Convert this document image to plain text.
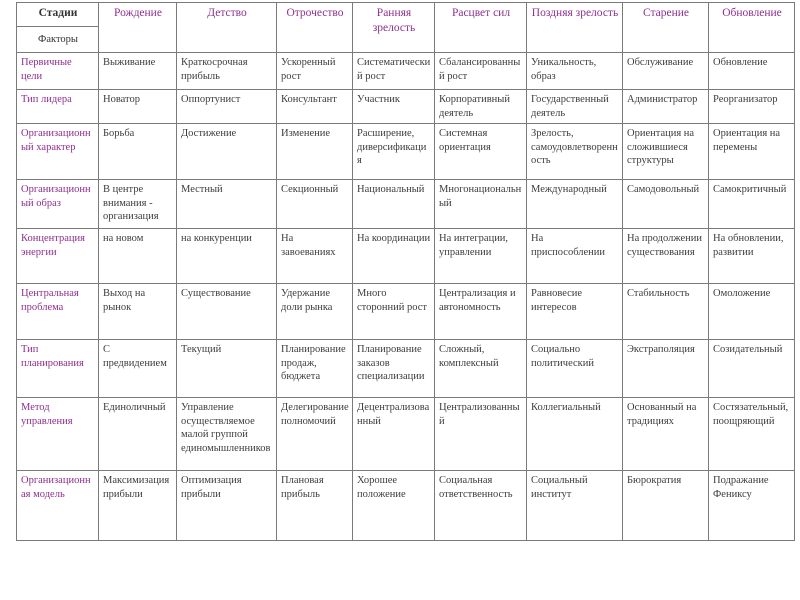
Стадии	Рождение	Детство	Отрочество	Ранняя зрелость	Расцвет сил	Поздняя зрелость	Старение	Обновление
Факторы								
Первичные цели	Выживание	Краткосрочная прибыль	Ускоренный рост	Систематический рост	Сбалансированный рост	Уникальность, образ	Обслуживание	Обновление
Тип лидера	Новатор	Оппортунист	Консультант	Участник	Корпоративный деятель	Государственный деятель	Администратор	Реорганизатор
Организационный характер	Борьба	Достижение	Изменение	Расширение, диверсификация	Системная ориентация	Зрелость, самоудовлетворенность	Ориентация на сложившиеся структуры	Ориентация на перемены
Организационный образ	В центре внимания - организация	Местный	Секционный	Национальный	Многонациональный	Международный	Самодовольный	Самокритичный
Концентрация энергии	на новом	на конкуренции	На завоеваниях	На координации	На интеграции, управлении	На приспособлении	На продолжении существования	На обновлении, развитии
Центральная проблема	Выход на рынок	Существование	Удержание доли рынка	Много сторонний рост	Централизация и автономность	Равновесие интересов	Стабильность	Омоложение
Тип планирования	С предвидением	Текущий	Планирование продаж, бюджета	Планирование заказов специализации	Сложный, комплексный	Социально политический	Экстраполяция	Созидательный
Метод управления	Единоличный	Управление осуществляемое малой группой единомышленников	Делегирование полномочий	Децентрализованный	Централизованный	Коллегиальный	Основанный на традициях	Состязательный, поощряющий
Организационная модель	Максимизация прибыли	Оптимизация прибыли	Плановая прибыль	Хорошее положение	Социальная ответственность	Социальный институт	Бюрократия	Подражание Фениксу
